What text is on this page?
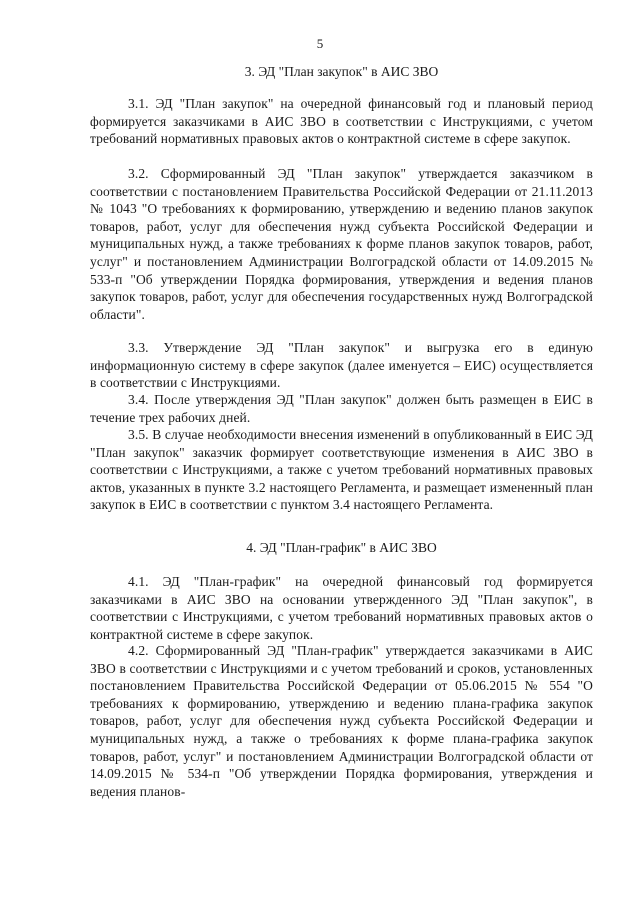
5
3. ЭД "План закупок" в АИС ЗВО

3.1. ЭД "План закупок" на очередной финансовый год и плановый период формируется заказчиками в АИС ЗВО в соответствии с Инструкциями, с учетом требований нормативных правовых актов о контрактной системе в сфере закупок.

3.2. Сформированный ЭД "План закупок" утверждается заказчиком в соответствии с постановлением Правительства Российской Федерации от 21.11.2013 № 1043 "О требованиях к формированию, утверждению и ведению планов закупок товаров, работ, услуг для обеспечения нужд субъекта Российской Федерации и муниципальных нужд, а также требованиях к форме планов закупок товаров, работ, услуг" и постановлением Администрации Волгоградской области от 14.09.2015 № 533-п "Об утверждении Порядка формирования, утверждения и ведения планов закупок товаров, работ, услуг для обеспечения государственных нужд Волгоградской области".

3.3. Утверждение ЭД "План закупок" и выгрузка его в единую информационную систему в сфере закупок (далее именуется – ЕИС) осуществляется в соответствии с Инструкциями.

3.4. После утверждения ЭД "План закупок" должен быть размещен в ЕИС в течение трех рабочих дней.

3.5. В случае необходимости внесения изменений в опубликованный в ЕИС ЭД "План закупок" заказчик формирует соответствующие изменения в АИС ЗВО в соответствии с Инструкциями, а также с учетом требований нормативных правовых актов, указанных в пункте 3.2 настоящего Регламента, и размещает измененный план закупок в ЕИС в соответствии с пунктом 3.4 настоящего Регламента.

4. ЭД "План-график" в АИС ЗВО

4.1. ЭД "План-график" на очередной финансовый год формируется заказчиками в АИС ЗВО на основании утвержденного ЭД "План закупок", в соответствии с Инструкциями, с учетом требований нормативных правовых актов о контрактной системе в сфере закупок.

4.2. Сформированный ЭД "План-график" утверждается заказчиками в АИС ЗВО в соответствии с Инструкциями и с учетом требований и сроков, установленных постановлением Правительства Российской Федерации от 05.06.2015 № 554 "О требованиях к формированию, утверждению и ведению плана-графика закупок товаров, работ, услуг для обеспечения нужд субъекта Российской Федерации и муниципальных нужд, а также о требованиях к форме плана-графика закупок товаров, работ, услуг" и постановлением Администрации Волгоградской области от 14.09.2015 № 534-п "Об утверждении Порядка формирования, утверждения и ведения планов-
